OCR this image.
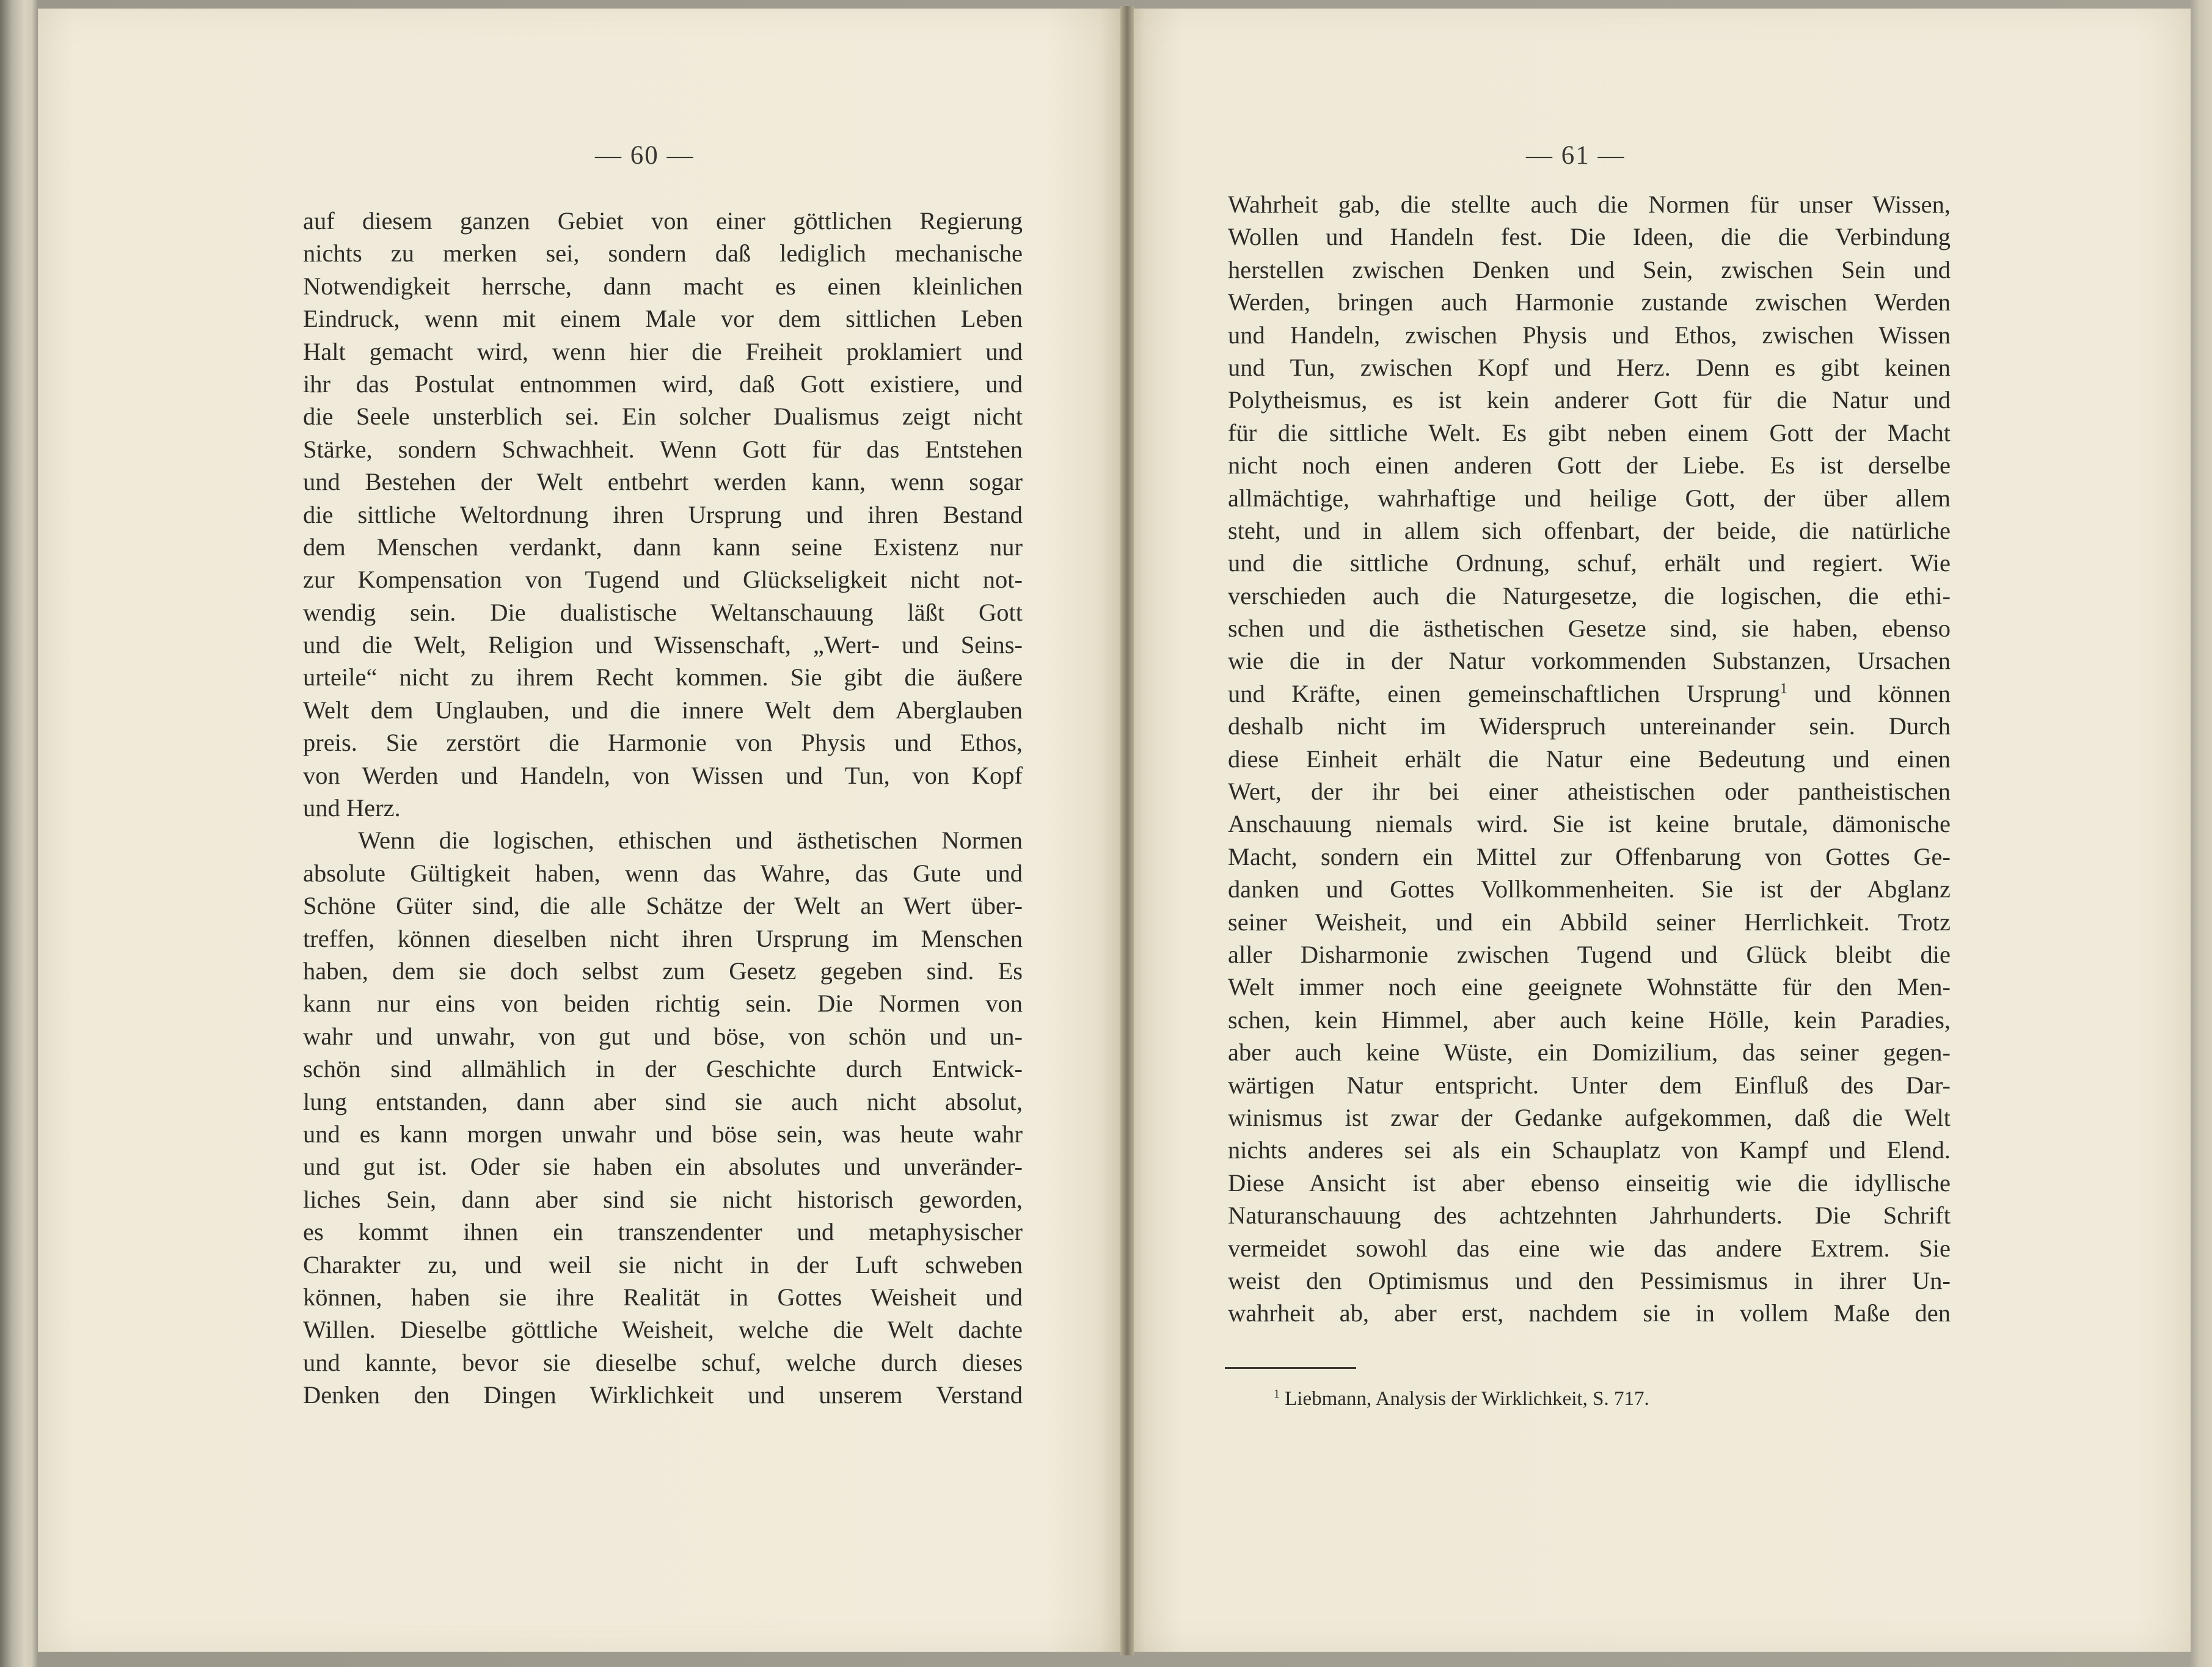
— 60 —
auf diesem ganzen Gebiet von einer göttlichen Regierung
nichts zu merken sei, sondern daß lediglich mechanische
Notwendigkeit herrsche, dann macht es einen kleinlichen
Eindruck, wenn mit einem Male vor dem sittlichen Leben
Halt gemacht wird, wenn hier die Freiheit proklamiert und
ihr das Postulat entnommen wird, daß Gott existiere, und
die Seele unsterblich sei. Ein solcher Dualismus zeigt nicht
Stärke, sondern Schwachheit. Wenn Gott für das Entstehen
und Bestehen der Welt entbehrt werden kann, wenn sogar
die sittliche Weltordnung ihren Ursprung und ihren Bestand
dem Menschen verdankt, dann kann seine Existenz nur
zur Kompensation von Tugend und Glückseligkeit nicht not-
wendig sein. Die dualistische Weltanschauung läßt Gott
und die Welt, Religion und Wissenschaft, „Wert- und Seins-
urteile“ nicht zu ihrem Recht kommen. Sie gibt die äußere
Welt dem Unglauben, und die innere Welt dem Aberglauben
preis. Sie zerstört die Harmonie von Physis und Ethos,
von Werden und Handeln, von Wissen und Tun, von Kopf
und Herz.
Wenn die logischen, ethischen und ästhetischen Normen
absolute Gültigkeit haben, wenn das Wahre, das Gute und
Schöne Güter sind, die alle Schätze der Welt an Wert über-
treffen, können dieselben nicht ihren Ursprung im Menschen
haben, dem sie doch selbst zum Gesetz gegeben sind. Es
kann nur eins von beiden richtig sein. Die Normen von
wahr und unwahr, von gut und böse, von schön und un-
schön sind allmählich in der Geschichte durch Entwick-
lung entstanden, dann aber sind sie auch nicht absolut,
und es kann morgen unwahr und böse sein, was heute wahr
und gut ist. Oder sie haben ein absolutes und unveränder-
liches Sein, dann aber sind sie nicht historisch geworden,
es kommt ihnen ein transzendenter und metaphysischer
Charakter zu, und weil sie nicht in der Luft schweben
können, haben sie ihre Realität in Gottes Weisheit und
Willen. Dieselbe göttliche Weisheit, welche die Welt dachte
und kannte, bevor sie dieselbe schuf, welche durch dieses
Denken den Dingen Wirklichkeit und unserem Verstand
— 61 —
Wahrheit gab, die stellte auch die Normen für unser Wissen,
Wollen und Handeln fest. Die Ideen, die die Verbindung
herstellen zwischen Denken und Sein, zwischen Sein und
Werden, bringen auch Harmonie zustande zwischen Werden
und Handeln, zwischen Physis und Ethos, zwischen Wissen
und Tun, zwischen Kopf und Herz. Denn es gibt keinen
Polytheismus, es ist kein anderer Gott für die Natur und
für die sittliche Welt. Es gibt neben einem Gott der Macht
nicht noch einen anderen Gott der Liebe. Es ist derselbe
allmächtige, wahrhaftige und heilige Gott, der über allem
steht, und in allem sich offenbart, der beide, die natürliche
und die sittliche Ordnung, schuf, erhält und regiert. Wie
verschieden auch die Naturgesetze, die logischen, die ethi-
schen und die ästhetischen Gesetze sind, sie haben, ebenso
wie die in der Natur vorkommenden Substanzen, Ursachen
und Kräfte, einen gemeinschaftlichen Ursprung$^1$ und können
deshalb nicht im Widerspruch untereinander sein. Durch
diese Einheit erhält die Natur eine Bedeutung und einen
Wert, der ihr bei einer atheistischen oder pantheistischen
Anschauung niemals wird. Sie ist keine brutale, dämonische
Macht, sondern ein Mittel zur Offenbarung von Gottes Ge-
danken und Gottes Vollkommenheiten. Sie ist der Abglanz
seiner Weisheit, und ein Abbild seiner Herrlichkeit. Trotz
aller Disharmonie zwischen Tugend und Glück bleibt die
Welt immer noch eine geeignete Wohnstätte für den Men-
schen, kein Himmel, aber auch keine Hölle, kein Paradies,
aber auch keine Wüste, ein Domizilium, das seiner gegen-
wärtigen Natur entspricht. Unter dem Einfluß des Dar-
winismus ist zwar der Gedanke aufgekommen, daß die Welt
nichts anderes sei als ein Schauplatz von Kampf und Elend.
Diese Ansicht ist aber ebenso einseitig wie die idyllische
Naturanschauung des achtzehnten Jahrhunderts. Die Schrift
vermeidet sowohl das eine wie das andere Extrem. Sie
weist den Optimismus und den Pessimismus in ihrer Un-
wahrheit ab, aber erst, nachdem sie in vollem Maße den
$^1$ Liebmann, Analysis der Wirklichkeit, S. 717.
